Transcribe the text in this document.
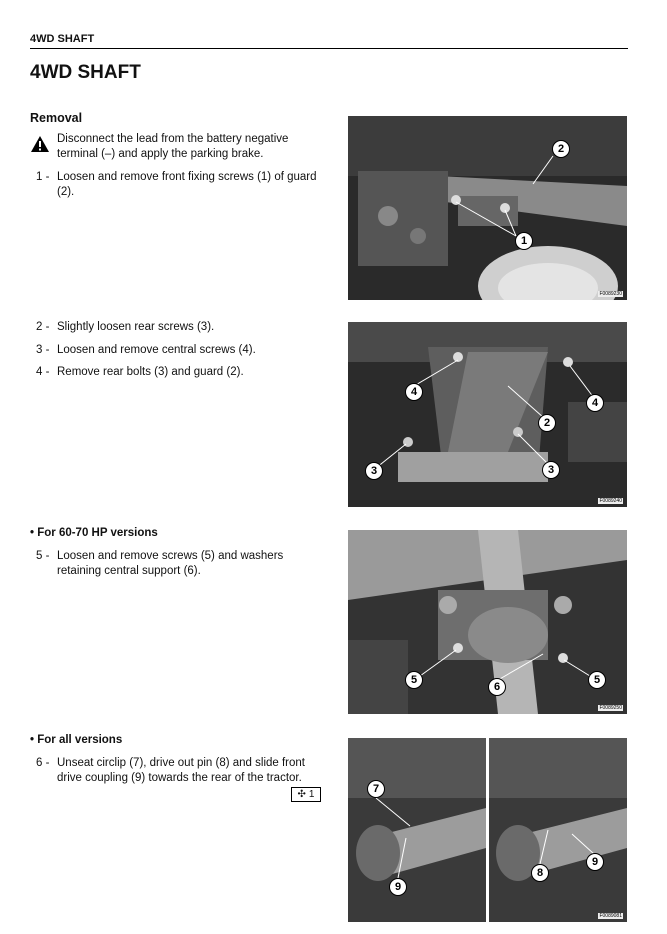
4WD SHAFT
4WD SHAFT
Removal
Disconnect the lead from the battery negative terminal (–) and apply the parking brake.
1 - Loosen and remove front fixing screws (1) of guard (2).
2 - Slightly loosen rear screws (3).
3 - Loosen and remove central screws (4).
4 - Remove rear bolts (3) and guard (2).
• For 60-70 HP versions
5 - Loosen and remove screws (5) and washers retaining central support (6).
• For all versions
6 - Unseat circlip (7), drive out pin (8) and slide front drive coupling (9) towards the rear of the tractor.
✣ 1
2
1
F0089230
4
4
2
3	3
F0089240
5
6
5
F0089250
7
9
8
9
F0089081
